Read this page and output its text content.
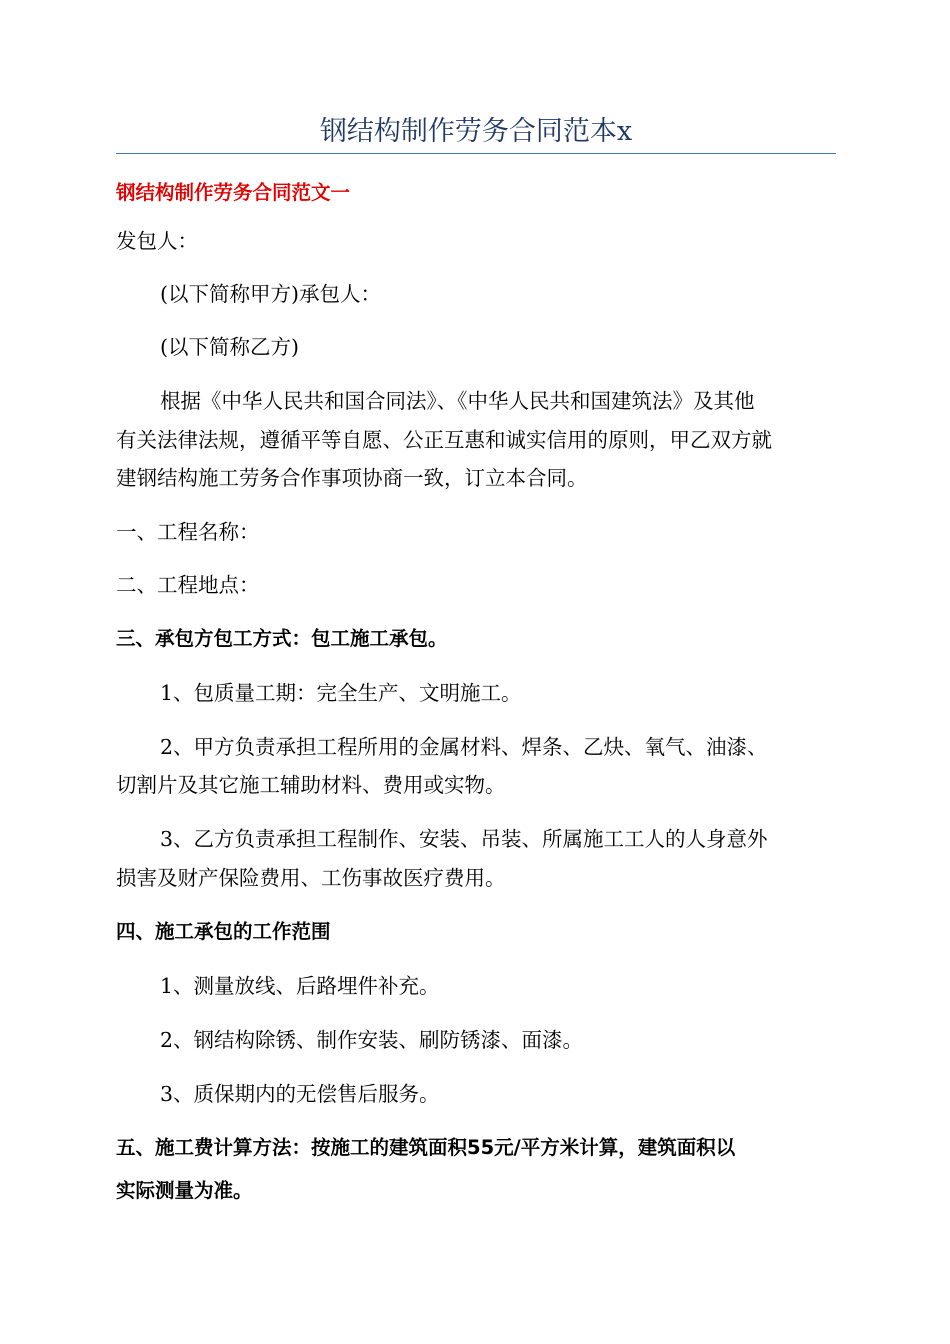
钢结构制作劳务合同范本x
钢结构制作劳务合同范文一
发包人：
(以下简称甲方)承包人：
(以下简称乙方)
根据《中华人民共和国合同法》、《中华人民共和国建筑法》及其他
有关法律法规，遵循平等自愿、公正互惠和诚实信用的原则，甲乙双方就
建钢结构施工劳务合作事项协商一致，订立本合同。
一、工程名称：
二、工程地点：
三、承包方包工方式：包工施工承包。
1、包质量工期：完全生产、文明施工。
2、甲方负责承担工程所用的金属材料、焊条、乙炔、氧气、油漆、
切割片及其它施工辅助材料、费用或实物。
3、乙方负责承担工程制作、安装、吊装、所属施工工人的人身意外
损害及财产保险费用、工伤事故医疗费用。
四、施工承包的工作范围
1、测量放线、后路埋件补充。
2、钢结构除锈、制作安装、刷防锈漆、面漆。
3、质保期内的无偿售后服务。
五、施工费计算方法：按施工的建筑面积55元/平方米计算，建筑面积以
实际测量为准。
